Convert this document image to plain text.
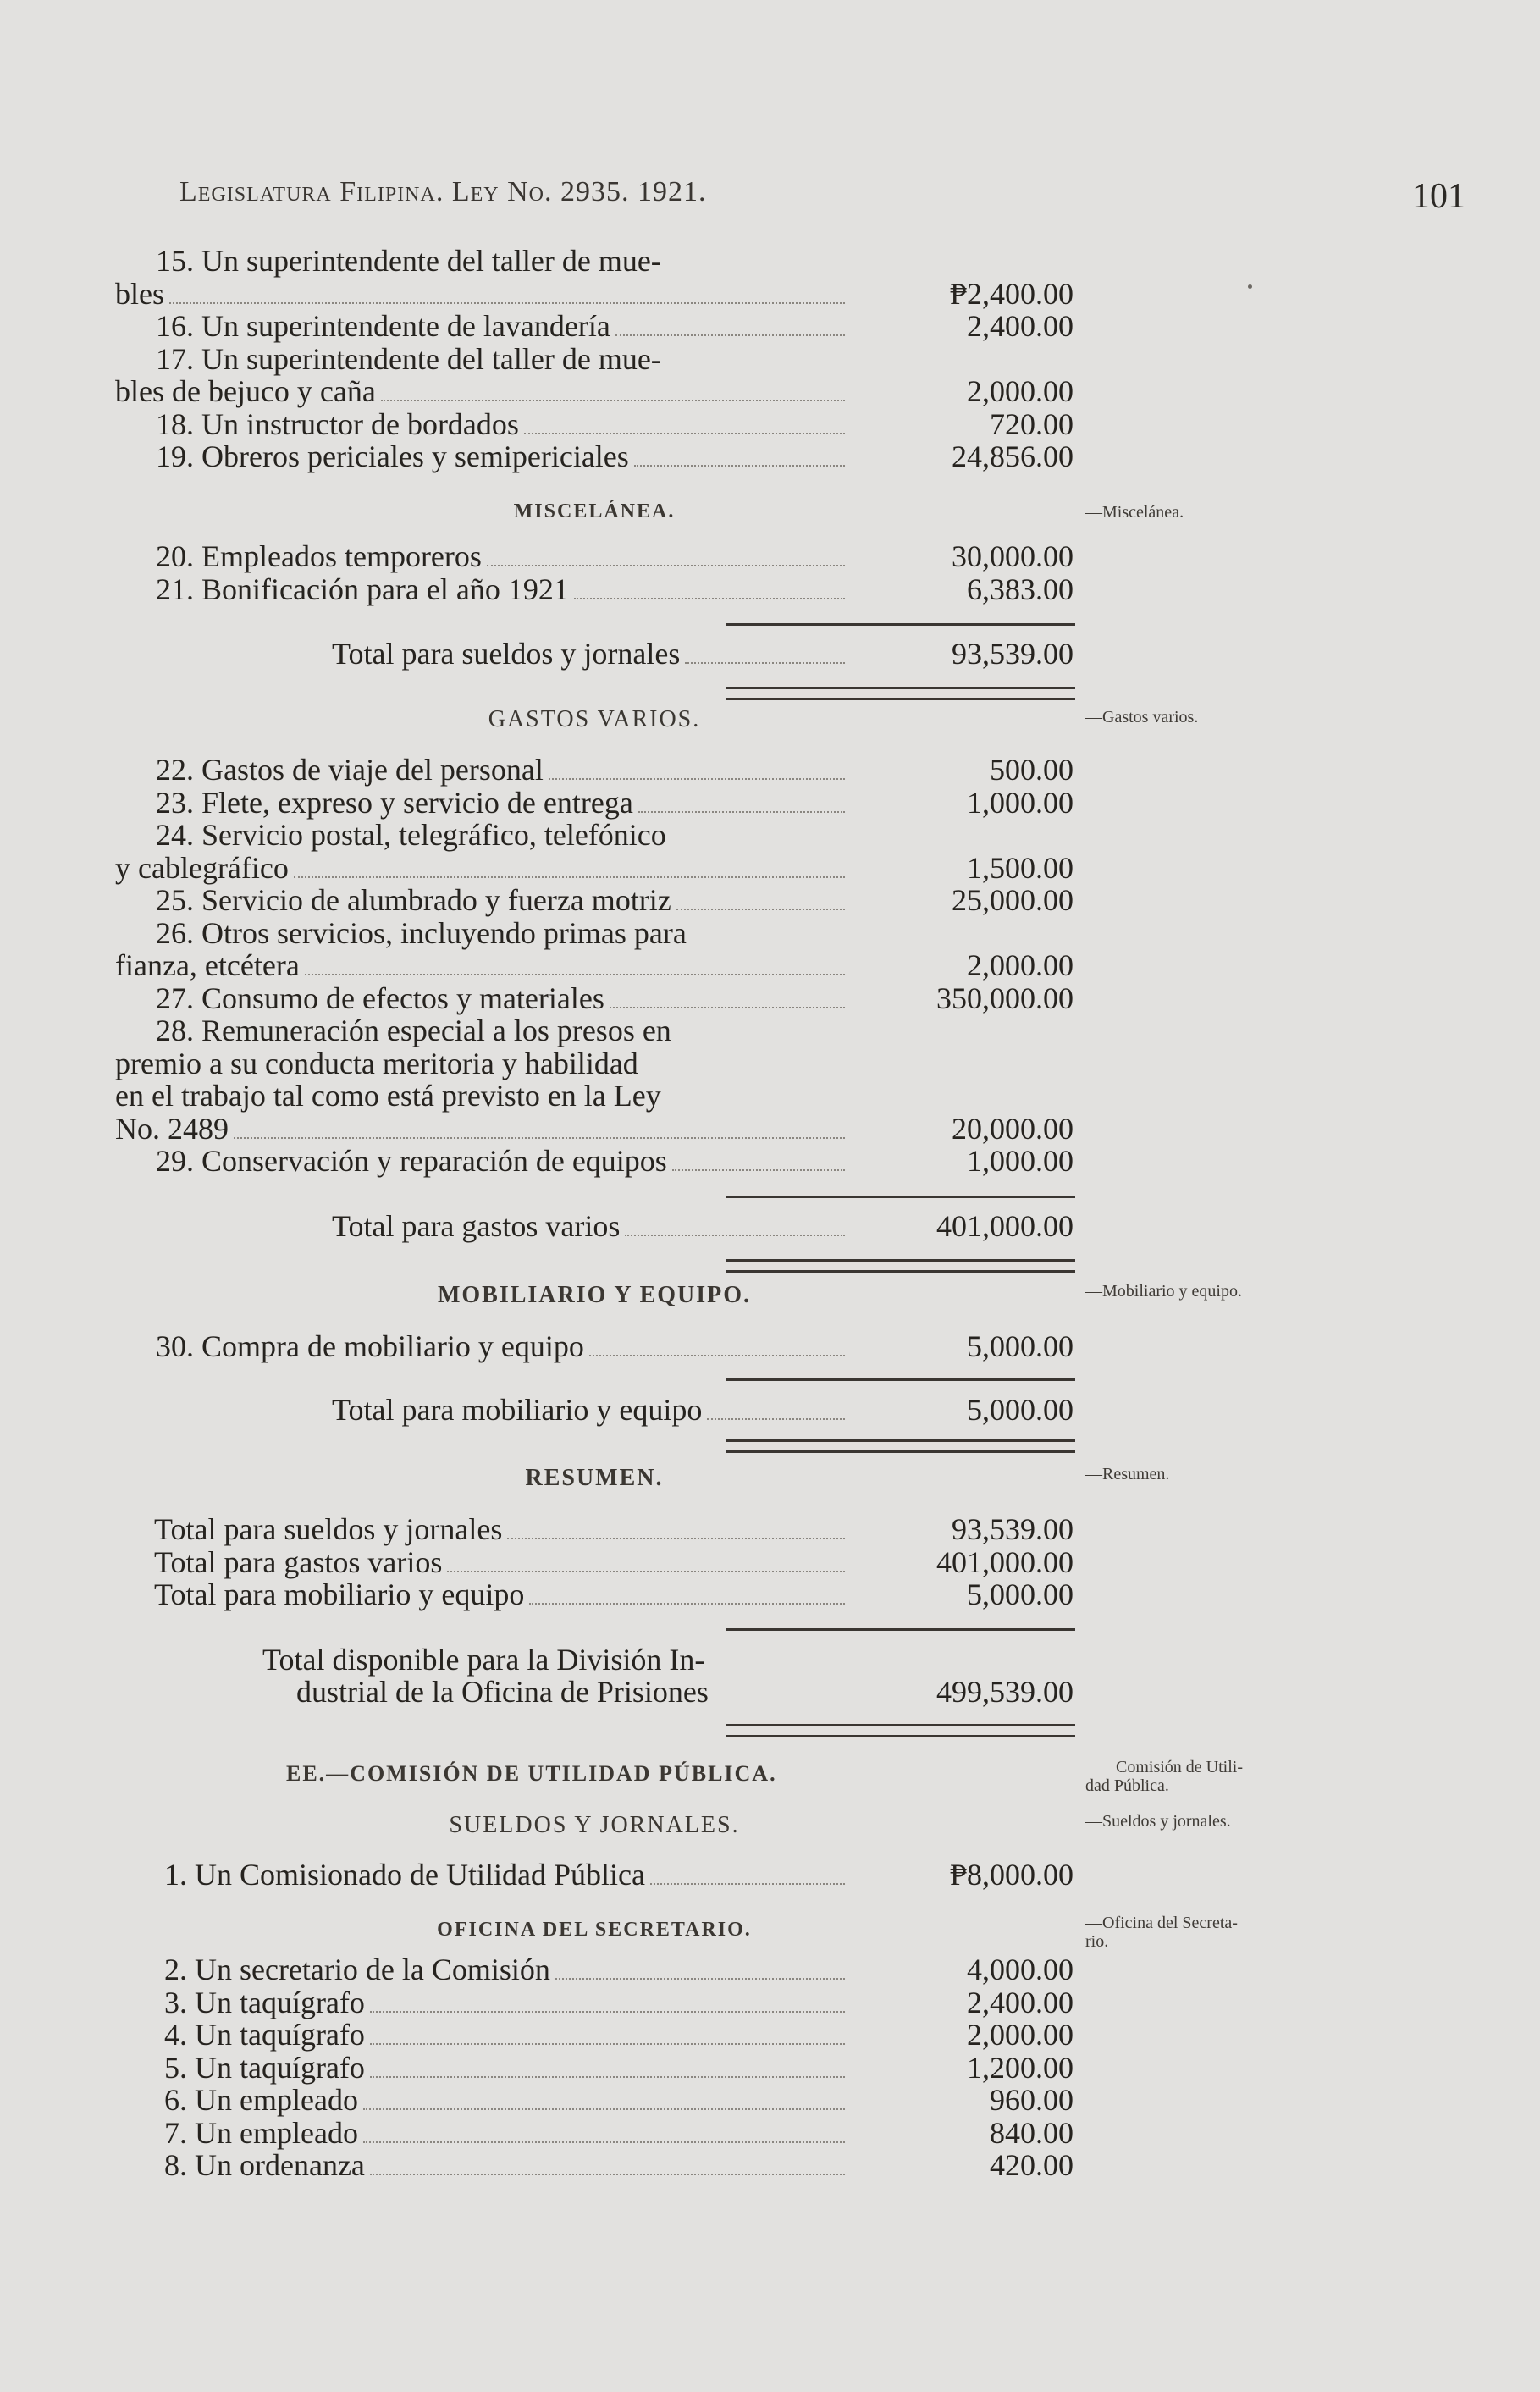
Legislatura Filipina. Ley No. 2935. 1921.	101
15. Un superintendente del taller de mue-
bles	₱2,400.00
16. Un superintendente de lavandería	2,400.00
17. Un superintendente del taller de mue-
bles de bejuco y caña	2,000.00
18. Un instructor de bordados	720.00
19. Obreros periciales y semipericiales	24,856.00
MISCELÁNEA.
20. Empleados temporeros	30,000.00
21. Bonificación para el año 1921	6,383.00
Total para sueldos y jornales	93,539.00
GASTOS VARIOS.
22. Gastos de viaje del personal	500.00
23. Flete, expreso y servicio de entrega	1,000.00
24. Servicio postal, telegráfico, telefónico
y cablegráfico	1,500.00
25. Servicio de alumbrado y fuerza motriz	25,000.00
26. Otros servicios, incluyendo primas para
fianza, etcétera	2,000.00
27. Consumo de efectos y materiales	350,000.00
28. Remuneración especial a los presos en
premio a su conducta meritoria y habilidad
en el trabajo tal como está previsto en la Ley
No. 2489	20,000.00
29. Conservación y reparación de equipos	1,000.00
Total para gastos varios	401,000.00
MOBILIARIO Y EQUIPO.
30. Compra de mobiliario y equipo	5,000.00
Total para mobiliario y equipo	5,000.00
RESUMEN.
Total para sueldos y jornales	93,539.00
Total para gastos varios	401,000.00
Total para mobiliario y equipo	5,000.00
Total disponible para la División In-
dustrial de la Oficina de Prisiones	499,539.00
EE.—COMISIÓN DE UTILIDAD PÚBLICA.
SUELDOS Y JORNALES.
1. Un Comisionado de Utilidad Pública	₱8,000.00
OFICINA DEL SECRETARIO.
2. Un secretario de la Comisión	4,000.00
3. Un taquígrafo	2,400.00
4. Un taquígrafo	2,000.00
5. Un taquígrafo	1,200.00
6. Un empleado	960.00
7. Un empleado	840.00
8. Un ordenanza	420.00
—Miscelánea.
—Gastos varios.
—Mobiliario y equipo.
—Resumen.
Comisión de Utili-
dad Pública.
—Sueldos y jornales.
—Oficina del Secreta-
rio.
